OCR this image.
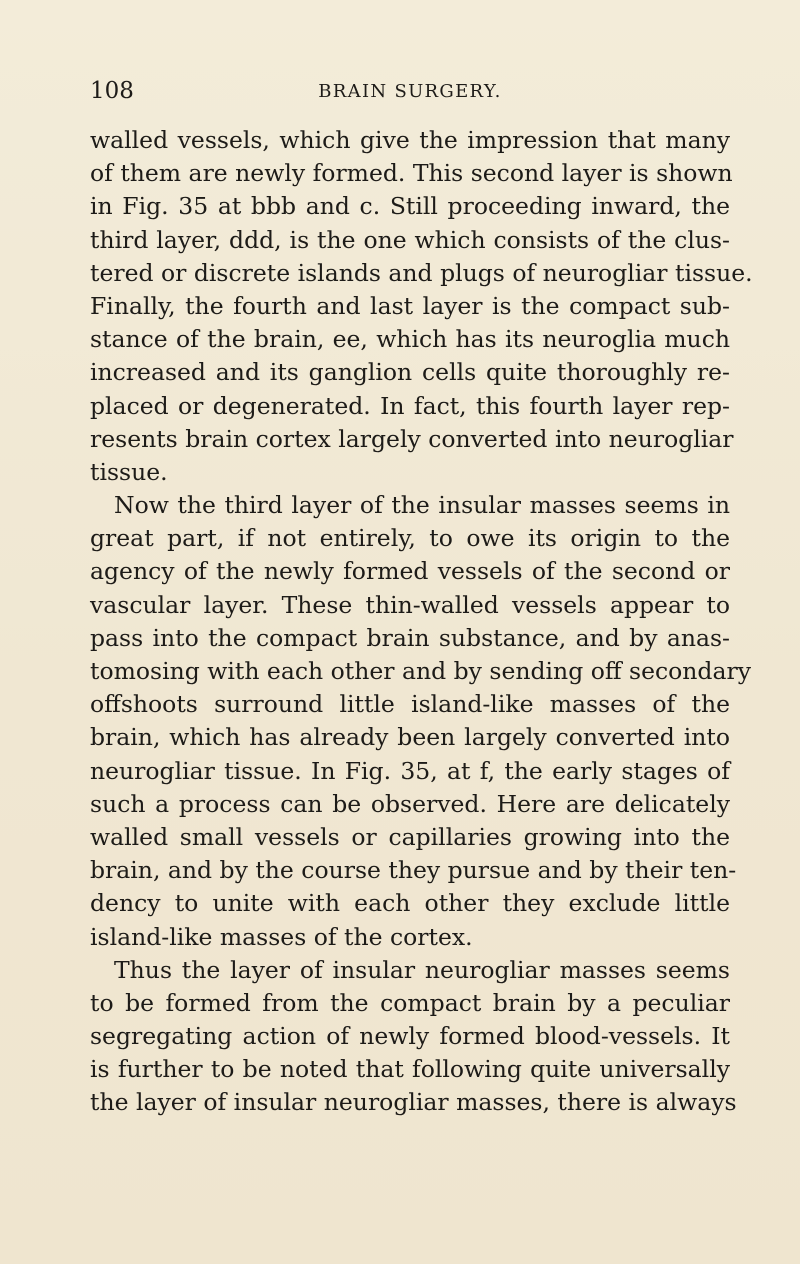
108	BRAIN SURGERY.
walled vessels, which give the impression that many
of them are newly formed. This second layer is shown
in Fig. 35 at bbb and c. Still proceeding inward, the
third layer, ddd, is the one which consists of the clus-
tered or discrete islands and plugs of neurogliar tissue.
Finally, the fourth and last layer is the compact sub-
stance of the brain, ee, which has its neuroglia much
increased and its ganglion cells quite thoroughly re-
placed or degenerated. In fact, this fourth layer rep-
resents brain cortex largely converted into neurogliar
tissue.
Now the third layer of the insular masses seems in
great part, if not entirely, to owe its origin to the
agency of the newly formed vessels of the second or
vascular layer. These thin-walled vessels appear to
pass into the compact brain substance, and by anas-
tomosing with each other and by sending off secondary
offshoots surround little island-like masses of the
brain, which has already been largely converted into
neurogliar tissue. In Fig. 35, at f, the early stages of
such a process can be observed. Here are delicately
walled small vessels or capillaries growing into the
brain, and by the course they pursue and by their ten-
dency to unite with each other they exclude little
island-like masses of the cortex.
Thus the layer of insular neurogliar masses seems
to be formed from the compact brain by a peculiar
segregating action of newly formed blood-vessels. It
is further to be noted that following quite universally
the layer of insular neurogliar masses, there is always
